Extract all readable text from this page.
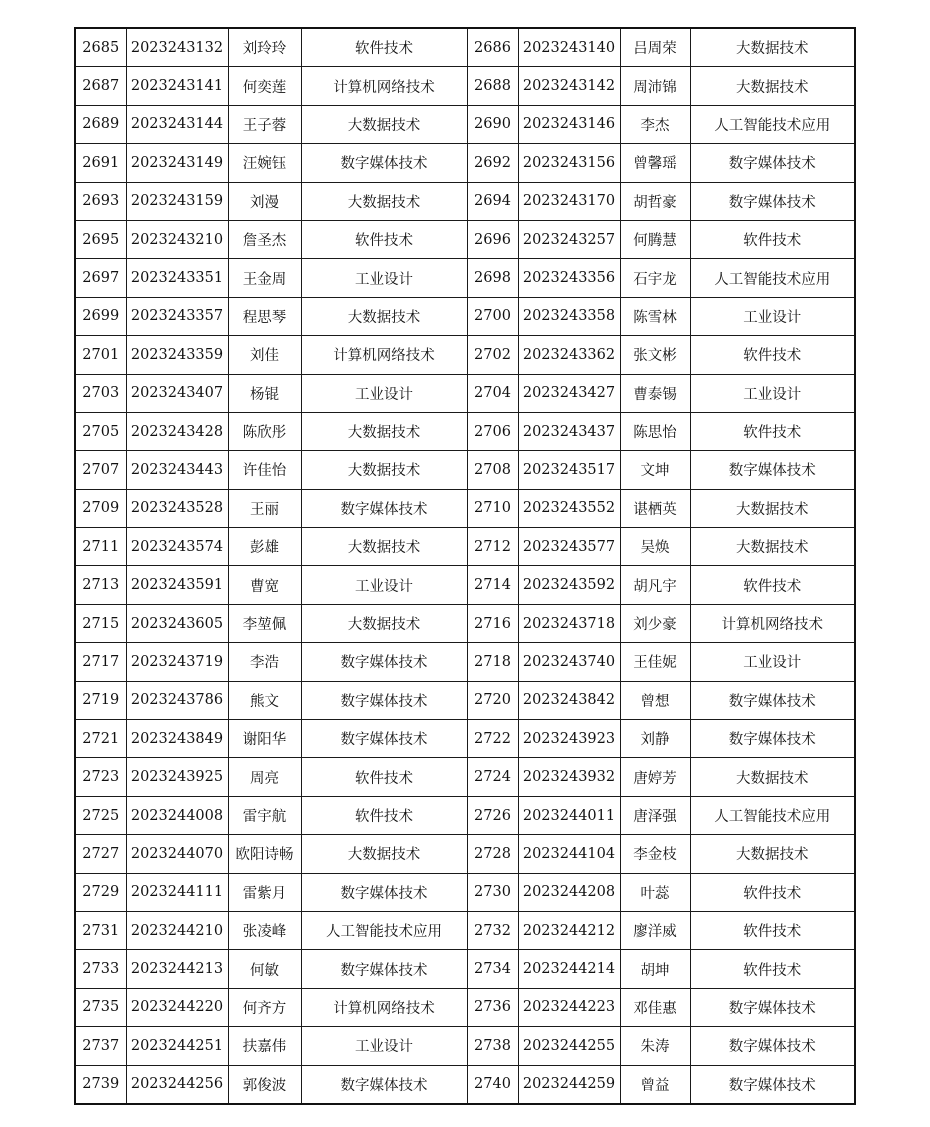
2685	2023243132	刘玲玲	软件技术	2686	2023243140	吕周荣	大数据技术
2687	2023243141	何奕莲	计算机网络技术	2688	2023243142	周沛锦	大数据技术
2689	2023243144	王子蓉	大数据技术	2690	2023243146	李杰	人工智能技术应用
2691	2023243149	汪婉钰	数字媒体技术	2692	2023243156	曾馨瑶	数字媒体技术
2693	2023243159	刘漫	大数据技术	2694	2023243170	胡哲豪	数字媒体技术
2695	2023243210	詹圣杰	软件技术	2696	2023243257	何腾慧	软件技术
2697	2023243351	王金周	工业设计	2698	2023243356	石宇龙	人工智能技术应用
2699	2023243357	程思琴	大数据技术	2700	2023243358	陈雪林	工业设计
2701	2023243359	刘佳	计算机网络技术	2702	2023243362	张文彬	软件技术
2703	2023243407	杨锟	工业设计	2704	2023243427	曹泰锡	工业设计
2705	2023243428	陈欣彤	大数据技术	2706	2023243437	陈思怡	软件技术
2707	2023243443	许佳怡	大数据技术	2708	2023243517	文坤	数字媒体技术
2709	2023243528	王丽	数字媒体技术	2710	2023243552	谌栖英	大数据技术
2711	2023243574	彭雄	大数据技术	2712	2023243577	吴焕	大数据技术
2713	2023243591	曹宽	工业设计	2714	2023243592	胡凡宇	软件技术
2715	2023243605	李堃佩	大数据技术	2716	2023243718	刘少豪	计算机网络技术
2717	2023243719	李浩	数字媒体技术	2718	2023243740	王佳妮	工业设计
2719	2023243786	熊文	数字媒体技术	2720	2023243842	曾想	数字媒体技术
2721	2023243849	谢阳华	数字媒体技术	2722	2023243923	刘静	数字媒体技术
2723	2023243925	周亮	软件技术	2724	2023243932	唐婷芳	大数据技术
2725	2023244008	雷宇航	软件技术	2726	2023244011	唐泽强	人工智能技术应用
2727	2023244070	欧阳诗畅	大数据技术	2728	2023244104	李金枝	大数据技术
2729	2023244111	雷紫月	数字媒体技术	2730	2023244208	叶蕊	软件技术
2731	2023244210	张凌峰	人工智能技术应用	2732	2023244212	廖洋威	软件技术
2733	2023244213	何敏	数字媒体技术	2734	2023244214	胡坤	软件技术
2735	2023244220	何齐方	计算机网络技术	2736	2023244223	邓佳惠	数字媒体技术
2737	2023244251	扶嘉伟	工业设计	2738	2023244255	朱涛	数字媒体技术
2739	2023244256	郭俊波	数字媒体技术	2740	2023244259	曾益	数字媒体技术
